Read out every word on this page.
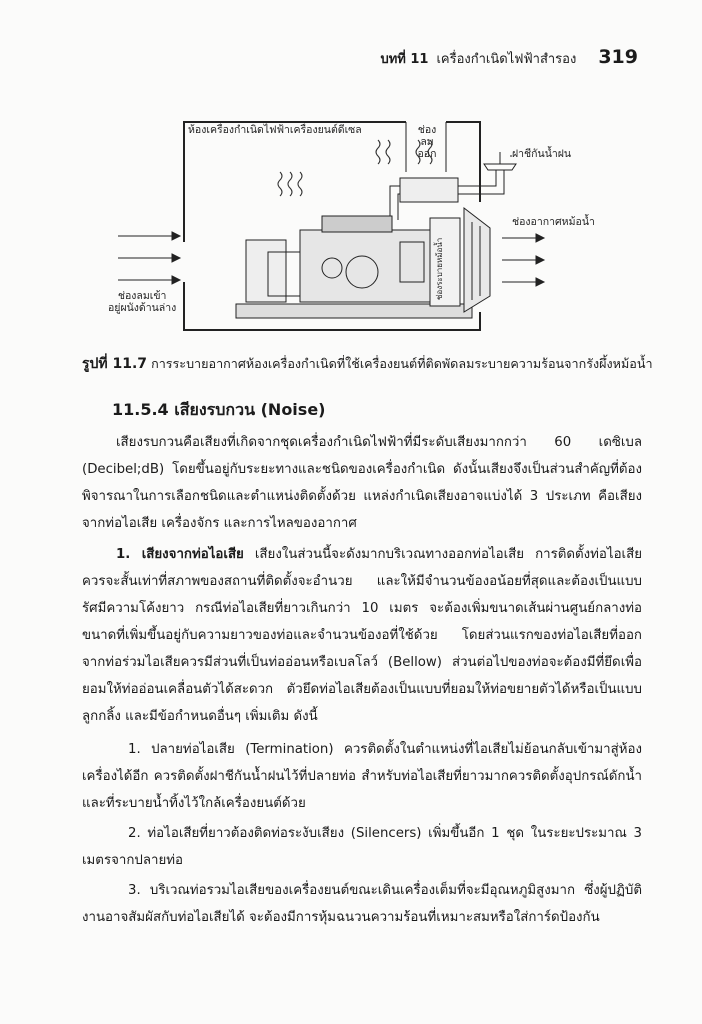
บทที่ 11 เครื่องกำเนิดไฟฟ้าสำรอง 319
ห้องเครื่องกำเนิดไฟฟ้าเครื่องยนต์ดีเซล	ช่อง
ลม
ออก	ฝาชีกันน้ำฝน
ช่องอากาศหม้อน้ำ
ช่องระบายหม้อน้ำ
ช่องลมเข้า
อยู่ผนังด้านล่าง
รูปที่ 11.7 การระบายอากาศห้องเครื่องกำเนิดที่ใช้เครื่องยนต์ที่ติดพัดลมระบายความร้อนจากรังผึ้งหม้อน้ำ
11.5.4 เสียงรบกวน (Noise)
เสียงรบกวนคือเสียงที่เกิดจากชุดเครื่องกำเนิดไฟฟ้าที่มีระดับเสียงมากกว่า 60 เดซิเบล (Decibel;dB) โดยขึ้นอยู่กับระยะทางและชนิดของเครื่องกำเนิด ดังนั้นเสียงจึงเป็นส่วนสำคัญที่ต้องพิจารณาในการเลือกชนิดและตำแหน่งติดตั้งด้วย แหล่งกำเนิดเสียงอาจแบ่งได้ 3 ประเภท คือเสียงจากท่อไอเสีย เครื่องจักร และการไหลของอากาศ
1. เสียงจากท่อไอเสีย เสียงในส่วนนี้จะดังมากบริเวณทางออกท่อไอเสีย การติดตั้งท่อไอเสียควรจะสั้นเท่าที่สภาพของสถานที่ติดตั้งจะอำนวย และให้มีจำนวนข้องอน้อยที่สุดและต้องเป็นแบบรัศมีความโค้งยาว กรณีท่อไอเสียที่ยาวเกินกว่า 10 เมตร จะต้องเพิ่มขนาดเส้นผ่านศูนย์กลางท่อ ขนาดที่เพิ่มขึ้นอยู่กับความยาวของท่อและจำนวนข้องอที่ใช้ด้วย โดยส่วนแรกของท่อไอเสียที่ออกจากท่อร่วมไอเสียควรมีส่วนที่เป็นท่ออ่อนหรือเบลโลว์ (Bellow) ส่วนต่อไปของท่อจะต้องมีที่ยึดเพื่อยอมให้ท่ออ่อนเคลื่อนตัวได้สะดวก ตัวยึดท่อไอเสียต้องเป็นแบบที่ยอมให้ท่อขยายตัวได้หรือเป็นแบบลูกกลิ้ง และมีข้อกำหนดอื่นๆ เพิ่มเติม ดังนี้
1. ปลายท่อไอเสีย (Termination) ควรติดตั้งในตำแหน่งที่ไอเสียไม่ย้อนกลับเข้ามาสู่ห้องเครื่องได้อีก ควรติดตั้งฝาชีกันน้ำฝนไว้ที่ปลายท่อ สำหรับท่อไอเสียที่ยาวมากควรติดตั้งอุปกรณ์ดักน้ำและที่ระบายน้ำทิ้งไว้ใกล้เครื่องยนต์ด้วย
2. ท่อไอเสียที่ยาวต้องติดท่อระงับเสียง (Silencers) เพิ่มขึ้นอีก 1 ชุด ในระยะประมาณ 3 เมตรจากปลายท่อ
3. บริเวณท่อรวมไอเสียของเครื่องยนต์ขณะเดินเครื่องเต็มที่จะมีอุณหภูมิสูงมาก ซึ่งผู้ปฏิบัติงานอาจสัมผัสกับท่อไอเสียได้ จะต้องมีการหุ้มฉนวนความร้อนที่เหมาะสมหรือใส่การ์ดป้องกัน
